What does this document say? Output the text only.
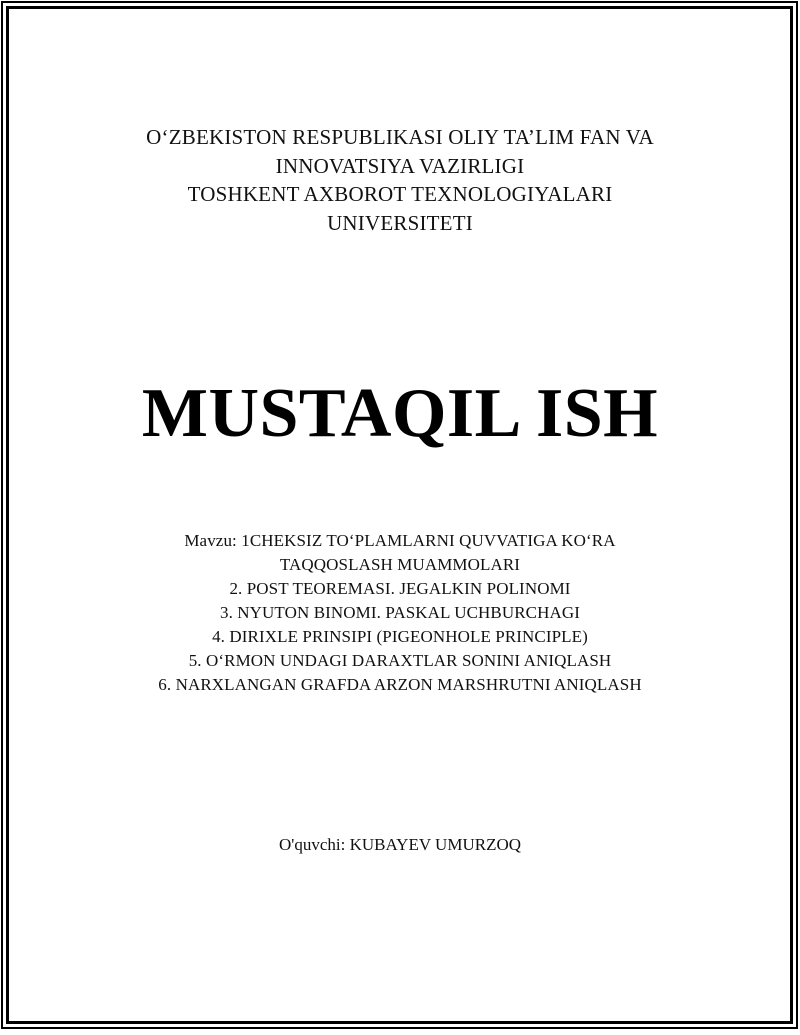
OʻZBEKISTON RESPUBLIKASI OLIY TA’LIM FAN VA
INNOVATSIYA VAZIRLIGI
TOSHKENT AXBOROT TEXNOLOGIYALARI
UNIVERSITETI
MUSTAQIL ISH
Mavzu: 1CHEKSIZ TOʻPLAMLARNI QUVVATIGA KOʻRA
TAQQOSLASH MUAMMOLARI
2. POST TEOREMASI. JEGALKIN POLINOMI
3. NYUTON BINOMI. PASKAL UCHBURCHAGI
4. DIRIXLE PRINSIPI (PIGEONHOLE PRINCIPLE)
5. OʻRMON UNDAGI DARAXTLAR SONINI ANIQLASH
6. NARXLANGAN GRAFDA ARZON MARSHRUTNI ANIQLASH
O'quvchi: KUBAYEV UMURZOQ
